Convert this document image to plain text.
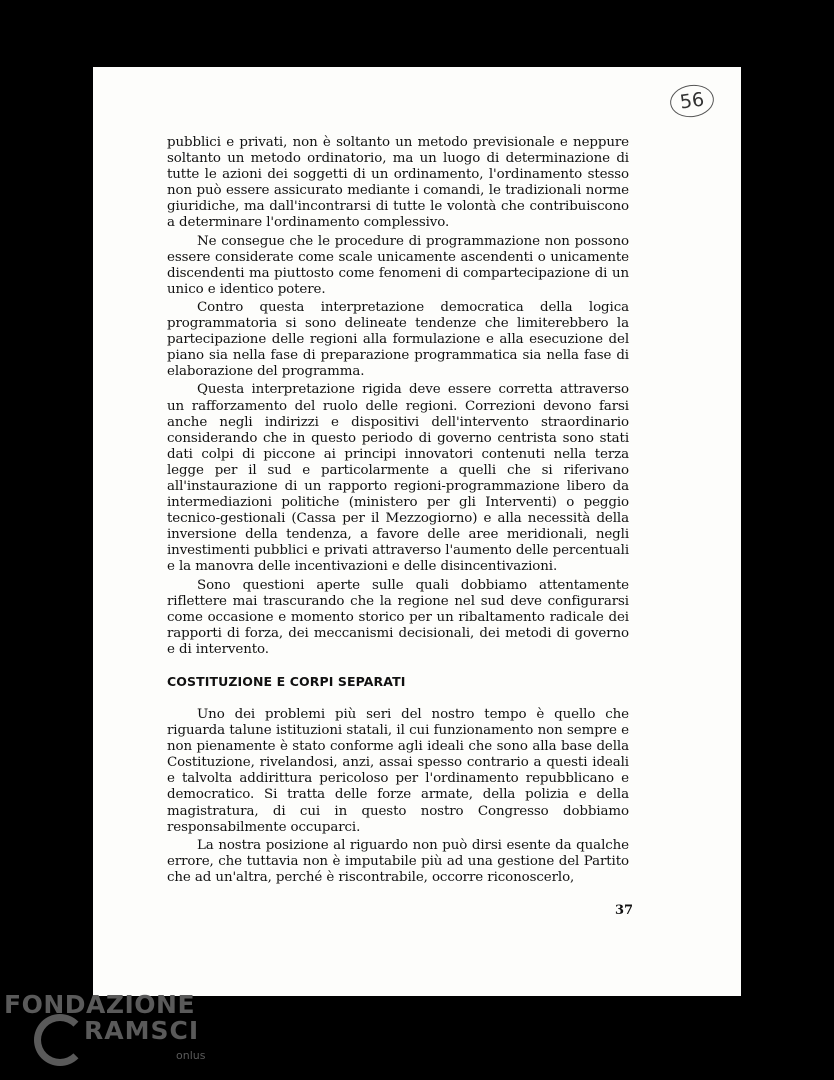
56

pubblici e privati, non è soltanto un metodo previsionale e neppure soltanto un metodo ordinatorio, ma un luogo di determinazione di tutte le azioni dei soggetti di un ordinamento, l'ordinamento stesso non può essere assicurato mediante i comandi, le tradizionali norme giuridiche, ma dall'incontrarsi di tutte le volontà che contribuiscono a determinare l'ordinamento complessivo.

Ne consegue che le procedure di programmazione non possono essere considerate come scale unicamente ascendenti o unicamente discendenti ma piuttosto come fenomeni di compartecipazione di un unico e identico potere.

Contro questa interpretazione democratica della logica programmatoria si sono delineate tendenze che limiterebbero la partecipazione delle regioni alla formulazione e alla esecuzione del piano sia nella fase di preparazione programmatica sia nella fase di elaborazione del programma.

Questa interpretazione rigida deve essere corretta attraverso un rafforzamento del ruolo delle regioni. Correzioni devono farsi anche negli indirizzi e dispositivi dell'intervento straordinario considerando che in questo periodo di governo centrista sono stati dati colpi di piccone ai principi innovatori contenuti nella terza legge per il sud e particolarmente a quelli che si riferivano all'instaurazione di un rapporto regioni-programmazione libero da intermediazioni politiche (ministero per gli Interventi) o peggio tecnico-gestionali (Cassa per il Mezzogiorno) e alla necessità della inversione della tendenza, a favore delle aree meridionali, negli investimenti pubblici e privati attraverso l'aumento delle percentuali e la manovra delle incentivazioni e delle disincentivazioni.

Sono questioni aperte sulle quali dobbiamo attentamente riflettere mai trascurando che la regione nel sud deve configurarsi come occasione e momento storico per un ribaltamento radicale dei rapporti di forza, dei meccanismi decisionali, dei metodi di governo e di intervento.

COSTITUZIONE E CORPI SEPARATI

Uno dei problemi più seri del nostro tempo è quello che riguarda talune istituzioni statali, il cui funzionamento non sempre e non pienamente è stato conforme agli ideali che sono alla base della Costituzione, rivelandosi, anzi, assai spesso contrario a questi ideali e talvolta addirittura pericoloso per l'ordinamento repubblicano e democratico. Si tratta delle forze armate, della polizia e della magistratura, di cui in questo nostro Congresso dobbiamo responsabilmente occuparci.

La nostra posizione al riguardo non può dirsi esente da qualche errore, che tuttavia non è imputabile più ad una gestione del Partito che ad un'altra, perché è riscontrabile, occorre riconoscerlo,

37
FONDAZIONE
RAMSCI
onlus
